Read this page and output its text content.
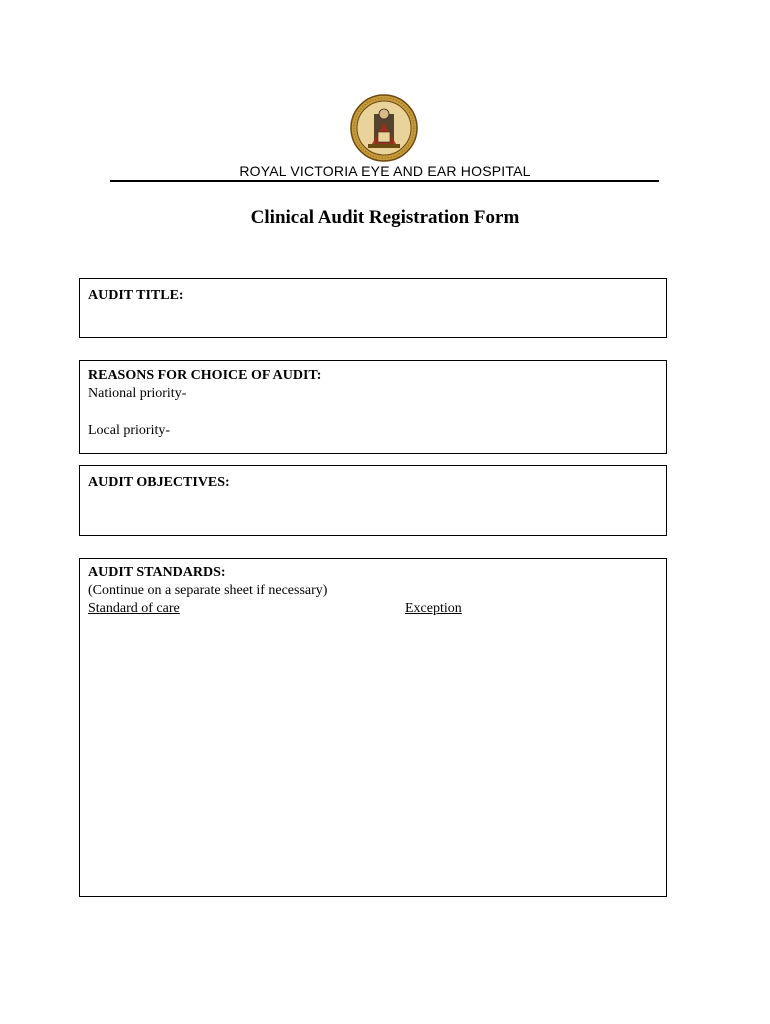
ROYAL VICTORIA EYE AND EAR HOSPITAL
Clinical Audit Registration Form
AUDIT TITLE:
REASONS FOR CHOICE OF AUDIT:
National priority-
Local priority-
AUDIT OBJECTIVES:
AUDIT STANDARDS:
(Continue on a separate sheet if necessary)
Standard of care	Exception
